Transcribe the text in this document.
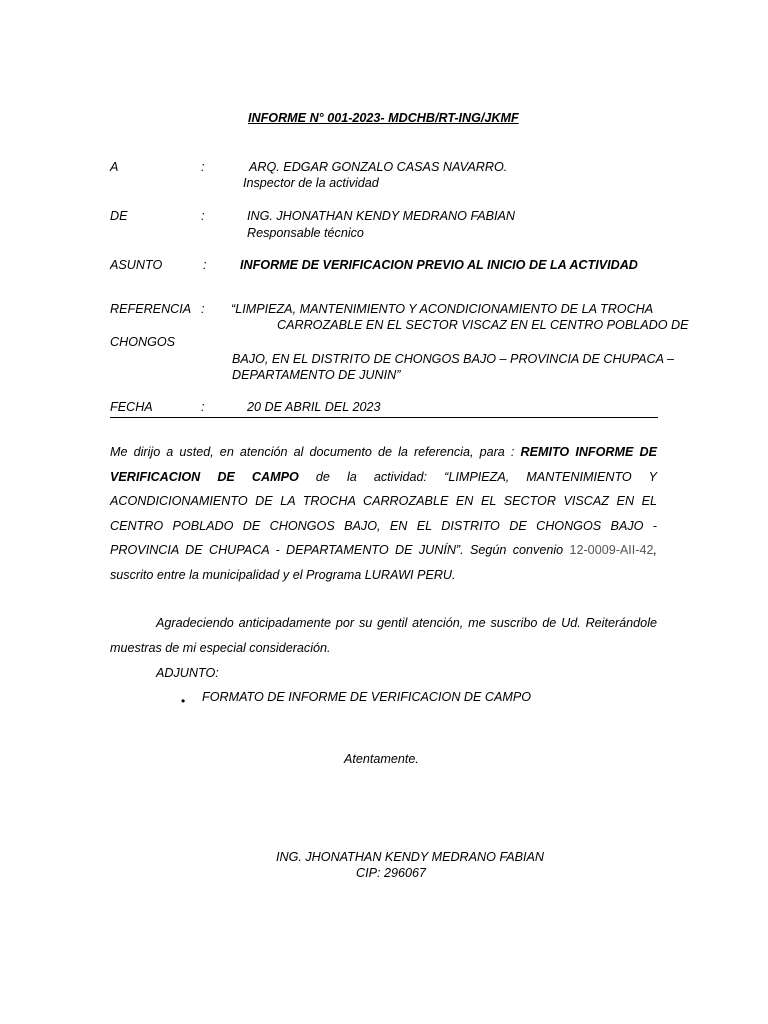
INFORME N° 001-2023- MDCHB/RT-ING/JKMF
A	:	ARQ. EDGAR GONZALO CASAS NAVARRO.
Inspector de la actividad
DE	:	ING. JHONATHAN KENDY MEDRANO FABIAN
Responsable técnico
ASUNTO	:	INFORME DE VERIFICACION PREVIO AL INICIO DE LA ACTIVIDAD
REFERENCIA : “LIMPIEZA, MANTENIMIENTO Y ACONDICIONAMIENTO DE LA TROCHA
CARROZABLE EN EL SECTOR VISCAZ EN EL CENTRO POBLADO DE
CHONGOS
BAJO, EN EL DISTRITO DE CHONGOS BAJO – PROVINCIA DE CHUPACA –
DEPARTAMENTO DE JUNIN”
FECHA	:	20 DE ABRIL DEL 2023
Me dirijo a usted, en atención al documento de la referencia, para : REMITO INFORME DE VERIFICACION DE CAMPO de la actividad: “LIMPIEZA, MANTENIMIENTO Y ACONDICIONAMIENTO DE LA TROCHA CARROZABLE EN EL SECTOR VISCAZ EN EL CENTRO POBLADO DE CHONGOS BAJO, EN EL DISTRITO DE CHONGOS BAJO - PROVINCIA DE CHUPACA - DEPARTAMENTO DE JUNÍN”. Según convenio 12-0009-AII-42, suscrito entre la municipalidad y el Programa LURAWI PERU.
Agradeciendo anticipadamente por su gentil atención, me suscribo de Ud. Reiterándole muestras de mi especial consideración.
ADJUNTO:
• FORMATO DE INFORME DE VERIFICACION DE CAMPO
Atentamente.
ING. JHONATHAN KENDY MEDRANO FABIAN
CIP: 296067
